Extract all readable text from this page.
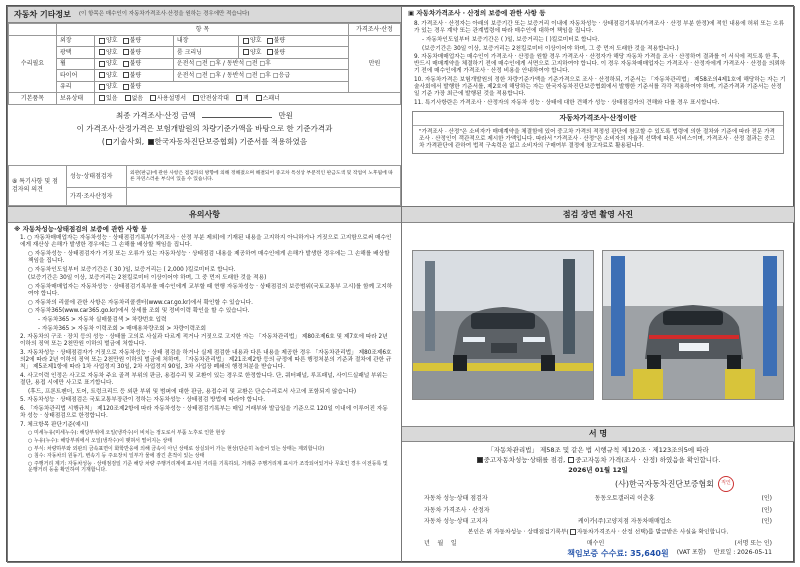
자동차 기타정보 (이 항목은 매수인이 자동차가격조사·산정을 원하는 경우에만 적습니다)
	항 목				가격조사·산정
수리필요	외장	양호 불량	내장	양호 불량	만원
	광택	양호 불량	룸 크리닝	양호 불량	
	휠	양호 불량	운전석 □전 □후 / 동반석 □전 □후		
	타이어	양호 불량	운전석 □전 □후 / 동반석 □전 □후 □응급		
	유리	양호 불량			
기본품목	보유상태	있음 없음 사용설명서 안전삼각대 잭 스패너			
최종 가격조사·산정 금액	만원
이 가격조사·산정가격은 보험개발원의 차량기준가액을 바탕으로 한 기준가격과
( 기술사회, 한국자동차진단보증협회) 기준서를 적용하였음
⑧ 특기사항 및 점검자의 의견	성능·상태점검자	외관(판금)에 관한 사항은 점검자의 방향에 의해 정해졌으며 해결되어 중고차 특성상 부분적인 판금도색 및 작업이 노후됨에 따른 자연스러운 부식이 있을 수 있습니다.
	가격·조사산정자	
▣ 자동차가격조사 · 산정의 보증에 관한 사항 등

8. 가격조사 · 산정자는 아래의 보증기간 또는 보증거리 이내에 자동차성능 · 상태점검기록부(가격조사 · 산정 부분 한정)에 적힌 내용에 허위 또는 오류가 있는 경우 계약 또는 관계법령에 따라 매수인에 대하여 책임을 집니다.

- 자동차인도일부터 보증기간은 ( )일, 보증거리는 ( )킬로미터로 합니다.

(보증기간은 30일 이상, 보증거리는 2천킬로미터 이상이어야 하며, 그 중 먼저 도래한 것을 적용합니다.)

9. 자동차매매업자는 매수인이 가격조사 · 산정을 원할 경우 가격조사 · 산정자가 해당 자동차 가격을 조사 · 산정하여 결과를 이 서식에 적도록 한 후, 반드시 매매계약을 체결하기 전에 매수인에게 서면으로 고지하여야 합니다. 이 경우 자동차매매업자는 가격조사 · 산정자에게 가격조사 · 산정을 의뢰하기 전에 매수인에게 가격조사 · 산정 비용을 안내하여야 합니다.

10. 자동차가격은 보험개발원의 정한 차량기준가액을 기준가격으로 조사 · 산정하되, 기준서는 「자동차관리법」 제58조의4제1호에 해당하는 자는 기술사회에서 발행한 기준서를, 제2호에 해당하는 자는 한국자동차진단보증협회에서 발행한 기준서를 각각 적용하여야 하며, 기준가격과 기준서는 산정일 기준 가장 최근에 발행된 것을 적용합니다.

11. 특기사항란은 가격조사 · 산정자의 자동차 성능 · 상태에 대한 견해가 성능 · 상태점검자의 견해와 다를 경우 표시합니다.

자동차가격조사·산정이란
"가격조사 · 산정"은 소비자가 매매계약을 체결함에 있어 중고차 가격의 적정성 판단에 참고할 수 있도록 법령에 의한 절차와 기준에 따라 전문 가격조사 · 산정인이 객관적으로 제시한 가액입니다. 따라서 "가격조사 · 산정"은 소비자의 자율적 선택에 따른 서비스이며, 가격조사 · 산정 결과는 중고차 가격판단에 관하여 법적 구속력은 없고 소비자의 구매여부 결정에 참고자료로 활용됩니다.
유의사항
※ 자동차성능·상태점검의 보증에 관한 사항 등

1. ○ 자동차매매업자는 자동차성능 · 상태점검기록부(가격조사 · 산정 부분 제외)에 기재된 내용을 고지하지 아니하거나 거짓으로 고지함으로써 매수인에게 재산상 손해가 발생한 경우에는 그 손해를 배상할 책임을 집니다.

○ 자동차성능 · 상태점검자가 거짓 또는 오류가 있는 자동차성능 · 상태점검 내용을 제공하여 매수인에게 손해가 발생한 경우에는 그 손해를 배상할 책임을 집니다.

○ 자동차인도일부터 보증기간은 ( 30 )일, 보증거리는 ( 2,000 )킬로미터로 합니다.

(보증기간은 30일 이상, 보증거리는 2천킬로미터 이상이어야 하며, 그 중 먼저 도래한 것을 적용)

○ 자동차매매업자는 자동차성능 · 상태점검기록부를 매수인에게 교부할 때 현행 자동차성능 · 상태점검의 보증범위(국토교통부 고시)를 함께 고지하여야 합니다.

○ 자동차의 리콜에 관한 사항은 자동차리콜센터(www.car.go.kr)에서 확인할 수 있습니다.

○ 자동차365(www.car365.go.kr)에서 상세를 조회 및 정비이력 확인을 할 수 있습니다.

- 자동차365 > 자동차 실매물검색 > 차량번호 입력

- 자동차365 > 자동차 이력조회 > 매매용차량조회 > 차량이력조회

2. 자동차의 구조 · 장치 등의 성능 · 상태를 고의로 사실과 다르게 적거나 거짓으로 고지한 자는 「자동차관리법」 제80조제6호 및 제7호에 따라 2년 이하의 징역 또는 2천만원 이하의 벌금에 처합니다.

3. 자동차성능 · 상태점검자가 거짓으로 자동차성능 · 상태 점검을 하거나 실제 점검한 내용과 다른 내용을 제공한 경우 「자동차관리법」 제80조제6호의2에 따라 2년 이하의 징역 또는 2천만원 이하의 벌금에 처하며, 「자동차관리법」 제21조제2항 등의 규정에 따른 행정처분의 기준과 절차에 관한 규칙」 제5조제1항에 따라 1차 사업정지 30일, 2차 사업정지 90일, 3차 사업장 폐쇄의 행정처분을 받습니다.

4. 사고이력 인정은 사고로 자동차 주요 골격 부위의 판금, 용접수리 및 교환이 있는 경우로 한정합니다. 단, 쿼터패널, 루프패널, 사이드실패널 부위는 절단, 용접 시에만 사고로 표기합니다.

(후드, 프론트펜더, 도어, 트렁크리드 등 외판 부위 및 범퍼에 대한 판금, 용접수리 및 교환은 단순수리로서 사고에 포함되지 않습니다)

5. 자동차성능 · 상태점검은 국토교통부장관이 정하는 자동차성능 · 상태점검 방법에 따라야 합니다.

6. 「자동차관리법 시행규칙」 제120조제2항에 따라 자동차성능 · 상태점검기록부는 매입 거래부와 발급일을 기준으로 120일 이내에 이루어진 자동차 성능 · 상태점검으로 한정합니다.

7. 체크항목 판단기준(예시)

○ 미세누유(미세누수): 해당부위에 오일(냉각수)이 비치는 정도로서 부품 노후로 인한 현상

○ 누유(누수): 해당부위에서 오일(냉각수)이 맺혀서 떨어지는 상태

○ 부식: 차량하부와 외판의 금속표면이 화학반응에 의해 금속이 아닌 상태로 상실되어 가는 현상(단순히 녹슬어 있는 상태는 제외합니다)

○ 침수: 자동차의 원동기, 변속기 등 주요장치 일부가 물에 잠긴 흔적이 있는 상태

○ 주행거리 계기: 자동차성능 · 상태점검일 기준 해당 차량 주행거리계에 표시된 거리를 기록하되, 거래중 주행거리계 표시가 조작되어있거나 무효인 경우 이전등록 및 운행거리 등을 확인하여 기재합니다.

점검 장면 촬영 사진
서 명
「자동차관리법」 제58조 및 같은 법 시행규칙 제120조 · 제123조의5에 따라
중고자동차성능·상태를 점검, 중고자동차 가격(조사 · 산정) 하였음을 확인합니다.
2026년 01월 12일
(사)한국자동차진단보증협회 직인
자동차 성능·상태 점검자	동동오토갤러리 이춘홍	(인)
자동차 가격조사 · 산정자	(인)
자동차 성능·상태 고지자	케이카(주)고양지점 자동차매매업소	(인)
본인은 위 자동차성능 · 상태점검기록부( 자동차가격조사 · 산정 선택)를 발급받은 사실을 확인합니다.
년 월 일	매수인	(서명 또는 인)
책임보증 수수료: 35,640원 (VAT 포함) 만료일 : 2026-05-11
